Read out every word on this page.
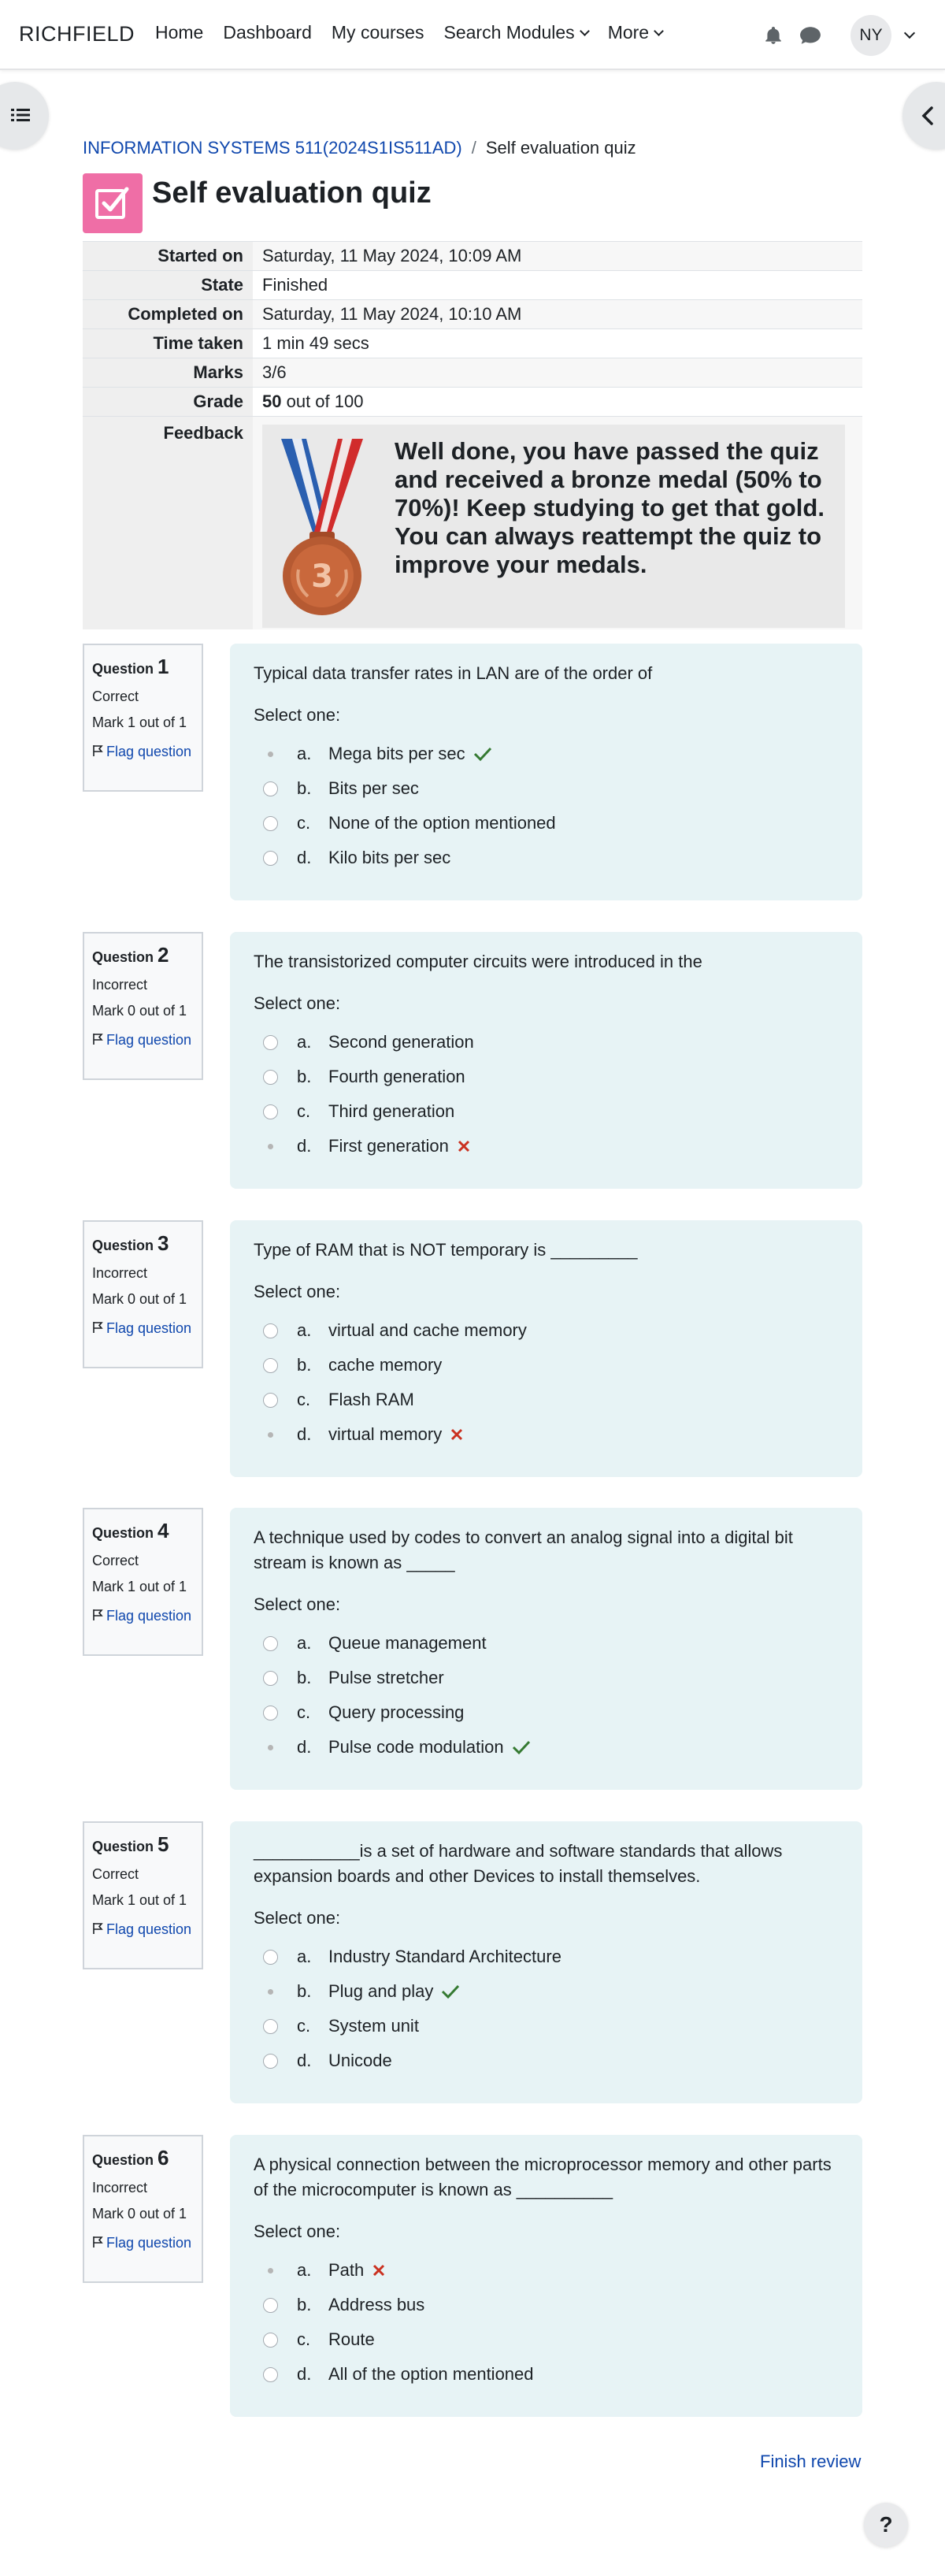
RICHFIELD Home Dashboard My courses Search Modules More	NY
INFORMATION SYSTEMS 511(2024S1IS511AD) / Self evaluation quiz
Self evaluation quiz
Started on	Saturday, 11 May 2024, 10:09 AM
State	Finished
Completed on	Saturday, 11 May 2024, 10:10 AM
Time taken	1 min 49 secs
Marks	3/6
Grade	50 out of 100
Feedback	3
Well done, you have passed the quiz and received a bronze medal (50% to 70%)! Keep studying to get that gold. You can always reattempt the quiz to improve your medals.
Question 1
Correct
Mark 1 out of 1
Flag question
Typical data transfer rates in LAN are of the order of
Select one:
a. Mega bits per sec
b. Bits per sec
c.	None of the option mentioned
d. Kilo bits per sec
Question 2
Incorrect
Mark 0 out of 1
Flag question
The transistorized computer circuits were introduced in the
Select one:
a. Second generation
b. Fourth generation
c.	Third generation
d. First generation
Question 3
Incorrect
Mark 0 out of 1
Flag question
Type of RAM that is NOT temporary is _________
Select one:
a. virtual and cache memory
b. cache memory
c.	Flash RAM
d. virtual memory
Question 4
Correct
Mark 1 out of 1
Flag question
A technique used by codes to convert an analog signal into a digital bit stream is known as _____
Select one:
a. Queue management
b. Pulse stretcher
c.	Query processing
d. Pulse code modulation
Question 5
Correct
Mark 1 out of 1
Flag question
___________is a set of hardware and software standards that allows expansion boards and other Devices to install themselves.
Select one:
a. Industry Standard Architecture
b. Plug and play
c.	System unit
d. Unicode
Question 6
Incorrect
Mark 0 out of 1
Flag question
A physical connection between the microprocessor memory and other parts of the microcomputer is known as __________
Select one:
a. Path
b. Address bus
c.	Route
d. All of the option mentioned
Finish review
?
